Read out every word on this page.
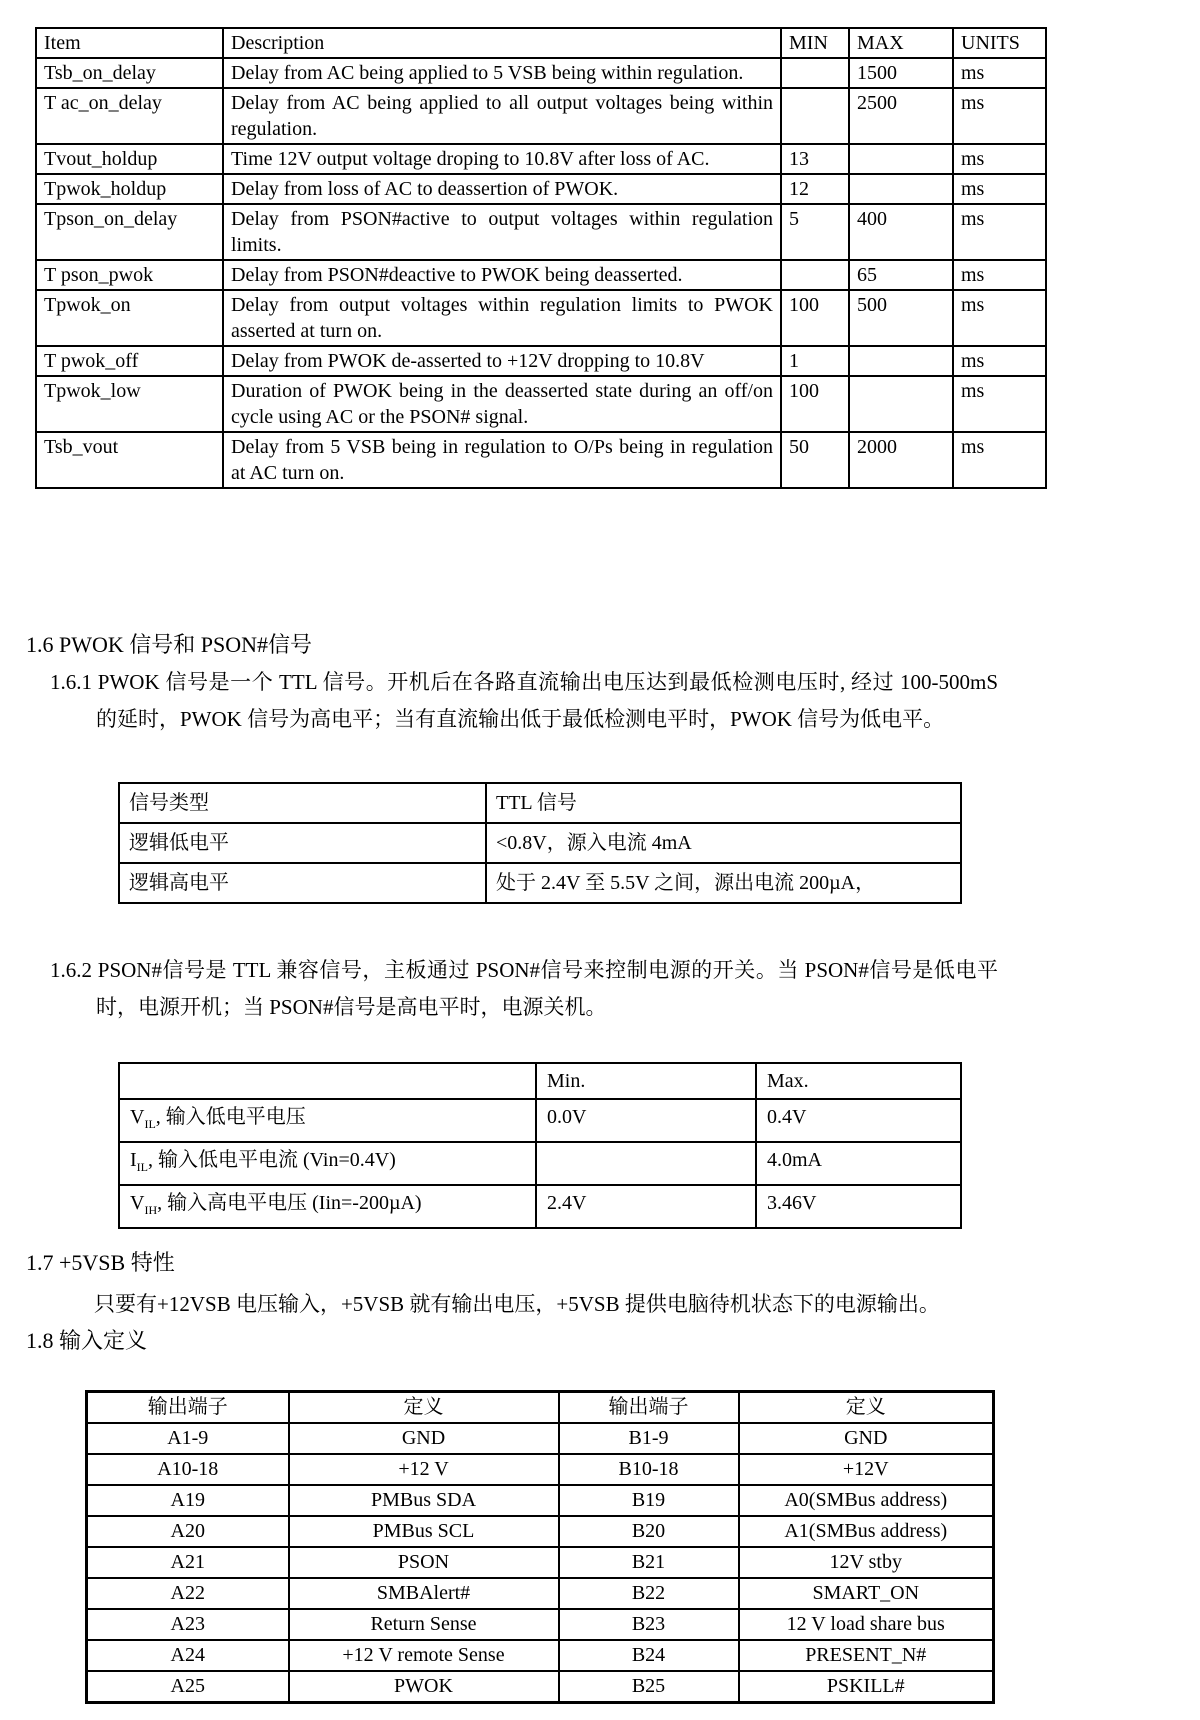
Item	Description	MIN	MAX	UNITS
Tsb_on_delay	Delay from AC being applied to 5 VSB being within regulation.		1500	ms
T ac_on_delay	Delay from AC being applied to all output voltages being within regulation.		2500	ms
Tvout_holdup	Time 12V output voltage droping to 10.8V after loss of AC.	13		ms
Tpwok_holdup	Delay from loss of AC to deassertion of PWOK.	12		ms
Tpson_on_delay	Delay from PSON#active to output voltages within regulation limits.	5	400	ms
T pson_pwok	Delay from PSON#deactive to PWOK being deasserted.		65	ms
Tpwok_on	Delay from output voltages within regulation limits to PWOK asserted at turn on.	100	500	ms
T pwok_off	Delay from PWOK de-asserted to +12V dropping to 10.8V	1		ms
Tpwok_low	Duration of PWOK being in the deasserted state during an off/on cycle using AC or the PSON# signal.	100		ms
Tsb_vout	Delay from 5 VSB being in regulation to O/Ps being in regulation at AC turn on.	50	2000	ms
1.6 PWOK 信号和 PSON#信号
1.6.1 PWOK 信号是一个 TTL 信号。开机后在各路直流输出电压达到最低检测电压时, 经过 100-500mS 的延时，PWOK 信号为高电平；当有直流输出低于最低检测电平时，PWOK 信号为低电平。
信号类型	TTL 信号
逻辑低电平	<0.8V，源入电流 4mA
逻辑高电平	处于 2.4V 至 5.5V 之间，源出电流 200µA，
1.6.2 PSON#信号是 TTL 兼容信号，主板通过 PSON#信号来控制电源的开关。当 PSON#信号是低电平时，电源开机；当 PSON#信号是高电平时，电源关机。
	Min.	Max.
$V_{IL}$, 输入低电平电压	0.0V	0.4V
$I_{IL}$, 输入低电平电流 (Vin=0.4V)		4.0mA
$V_{IH}$, 输入高电平电压 (Iin=-200µA)	2.4V	3.46V
1.7 +5VSB 特性
只要有+12VSB 电压输入，+5VSB 就有输出电压，+5VSB 提供电脑待机状态下的电源输出。
1.8 输入定义
输出端子	定义	输出端子	定义
A1-9	GND	B1-9	GND
A10-18	+12 V	B10-18	+12V
A19	PMBus SDA	B19	A0(SMBus address)
A20	PMBus SCL	B20	A1(SMBus address)
A21	PSON	B21	12V stby
A22	SMBAlert#	B22	SMART_ON
A23	Return Sense	B23	12 V load share bus
A24	+12 V remote Sense	B24	PRESENT_N#
A25	PWOK	B25	PSKILL#
